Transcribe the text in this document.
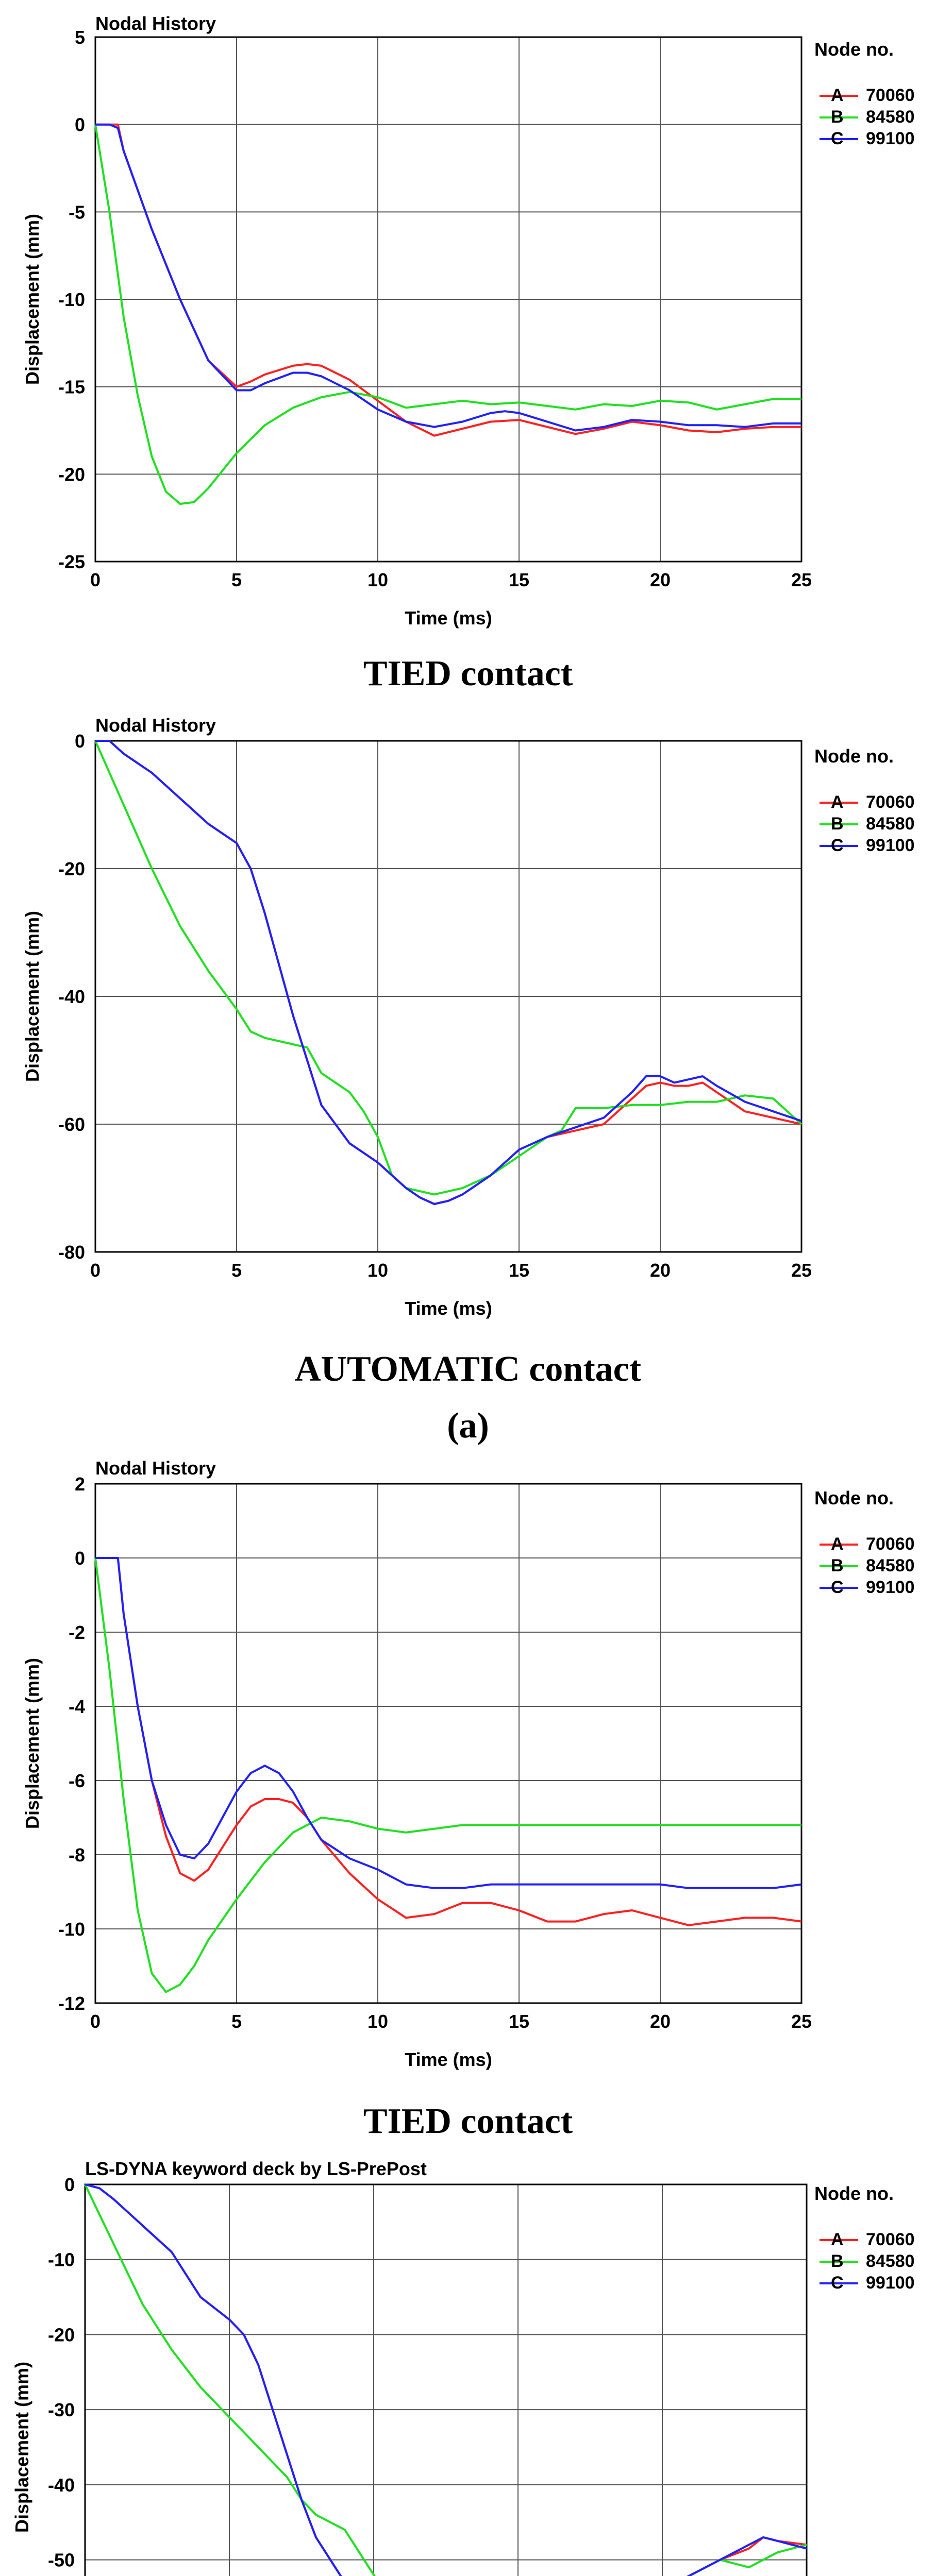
Nodal History
0	5	10	15	20	25
5
0
-5
-10
-15
-20
-25
Time (ms)
Displacement (mm)
Node no.
A 70060
B 84580
C 99100
TIED contact
Nodal History
0	5	10	15	20	25
0
-20
-40
-60
-80
Time (ms)
Displacement (mm)
Node no.
A 70060
B 84580
C 99100
AUTOMATIC contact
(a)
Nodal History
0	5	10	15	20	25
2
0
-2
-4
-6
-8
-10
-12
Time (ms)
Displacement (mm)
Node no.
A 70060
B 84580
C 99100
TIED contact
LS-DYNA keyword deck by LS-PrePost
0
-10
-20
-30
-40
-50
Displacement (mm)
Node no.
A 70060
B 84580
C 99100
